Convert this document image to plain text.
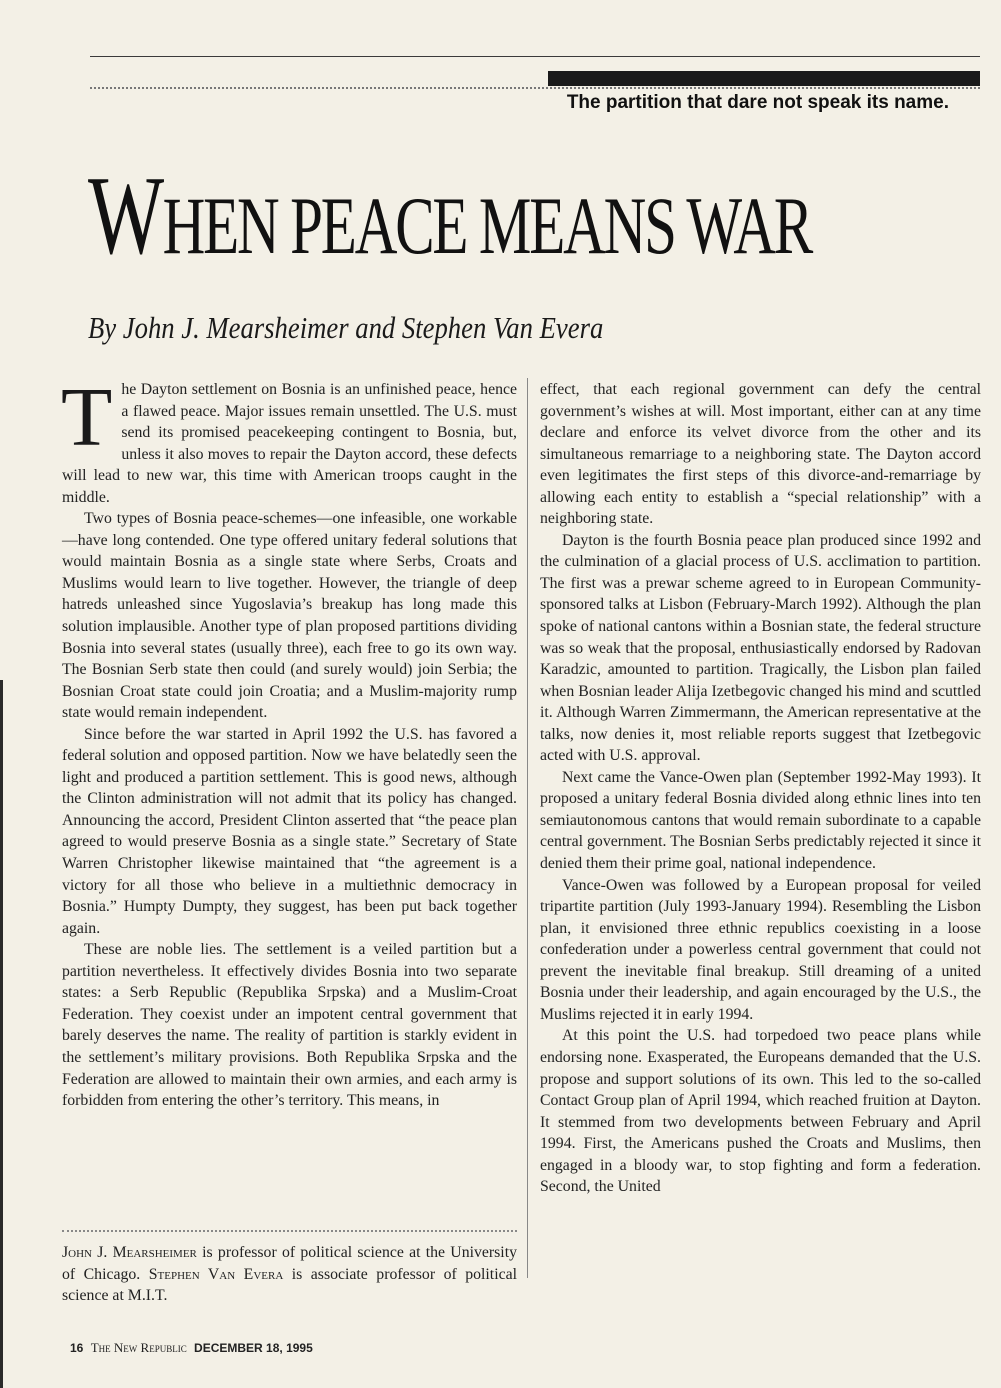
The partition that dare not speak its name.
WHEN PEACE MEANS WAR
By John J. Mearsheimer and Stephen Van Evera

The Dayton settlement on Bosnia is an unfinished peace, hence a flawed peace. Major issues remain unsettled. The U.S. must send its promised peacekeeping contingent to Bosnia, but, unless it also moves to repair the Dayton accord, these defects will lead to new war, this time with American troops caught in the middle.

Two types of Bosnia peace-schemes—one infeasible, one workable—have long contended. One type offered unitary federal solutions that would maintain Bosnia as a single state where Serbs, Croats and Muslims would learn to live together. However, the triangle of deep hatreds unleashed since Yugoslavia’s breakup has long made this solution implausible. Another type of plan proposed partitions dividing Bosnia into several states (usually three), each free to go its own way. The Bosnian Serb state then could (and surely would) join Serbia; the Bosnian Croat state could join Croatia; and a Muslim-majority rump state would remain independent.

Since before the war started in April 1992 the U.S. has favored a federal solution and opposed partition. Now we have belatedly seen the light and produced a partition settlement. This is good news, although the Clinton administration will not admit that its policy has changed. Announcing the accord, President Clinton asserted that “the peace plan agreed to would preserve Bosnia as a single state.” Secretary of State Warren Christopher likewise maintained that “the agreement is a victory for all those who believe in a multiethnic democracy in Bosnia.” Humpty Dumpty, they suggest, has been put back together again.

These are noble lies. The settlement is a veiled partition but a partition nevertheless. It effectively divides Bosnia into two separate states: a Serb Republic (Republika Srpska) and a Muslim-Croat Federation. They coexist under an impotent central government that barely deserves the name. The reality of partition is starkly evident in the settlement’s military provisions. Both Republika Srpska and the Federation are allowed to maintain their own armies, and each army is forbidden from entering the other’s territory. This means, in

effect, that each regional government can defy the central government’s wishes at will. Most important, either can at any time declare and enforce its velvet divorce from the other and its simultaneous remarriage to a neighboring state. The Dayton accord even legitimates the first steps of this divorce-and-remarriage by allowing each entity to establish a “special relationship” with a neighboring state.

Dayton is the fourth Bosnia peace plan produced since 1992 and the culmination of a glacial process of U.S. acclimation to partition. The first was a prewar scheme agreed to in European Community-sponsored talks at Lisbon (February-March 1992). Although the plan spoke of national cantons within a Bosnian state, the federal structure was so weak that the proposal, enthusiastically endorsed by Radovan Karadzic, amounted to partition. Tragically, the Lisbon plan failed when Bosnian leader Alija Izetbegovic changed his mind and scuttled it. Although Warren Zimmermann, the American representative at the talks, now denies it, most reliable reports suggest that Izetbegovic acted with U.S. approval.

Next came the Vance-Owen plan (September 1992-May 1993). It proposed a unitary federal Bosnia divided along ethnic lines into ten semiautonomous cantons that would remain subordinate to a capable central government. The Bosnian Serbs predictably rejected it since it denied them their prime goal, national independence.

Vance-Owen was followed by a European proposal for veiled tripartite partition (July 1993-January 1994). Resembling the Lisbon plan, it envisioned three ethnic republics coexisting in a loose confederation under a powerless central government that could not prevent the inevitable final breakup. Still dreaming of a united Bosnia under their leadership, and again encouraged by the U.S., the Muslims rejected it in early 1994.

At this point the U.S. had torpedoed two peace plans while endorsing none. Exasperated, the Europeans demanded that the U.S. propose and support solutions of its own. This led to the so-called Contact Group plan of April 1994, which reached fruition at Dayton. It stemmed from two developments between February and April 1994. First, the Americans pushed the Croats and Muslims, then engaged in a bloody war, to stop fighting and form a federation. Second, the United

John J. Mearsheimer is professor of political science at the University of Chicago. Stephen Van Evera is associate professor of political science at M.I.T.
16 The New Republic DECEMBER 18, 1995
